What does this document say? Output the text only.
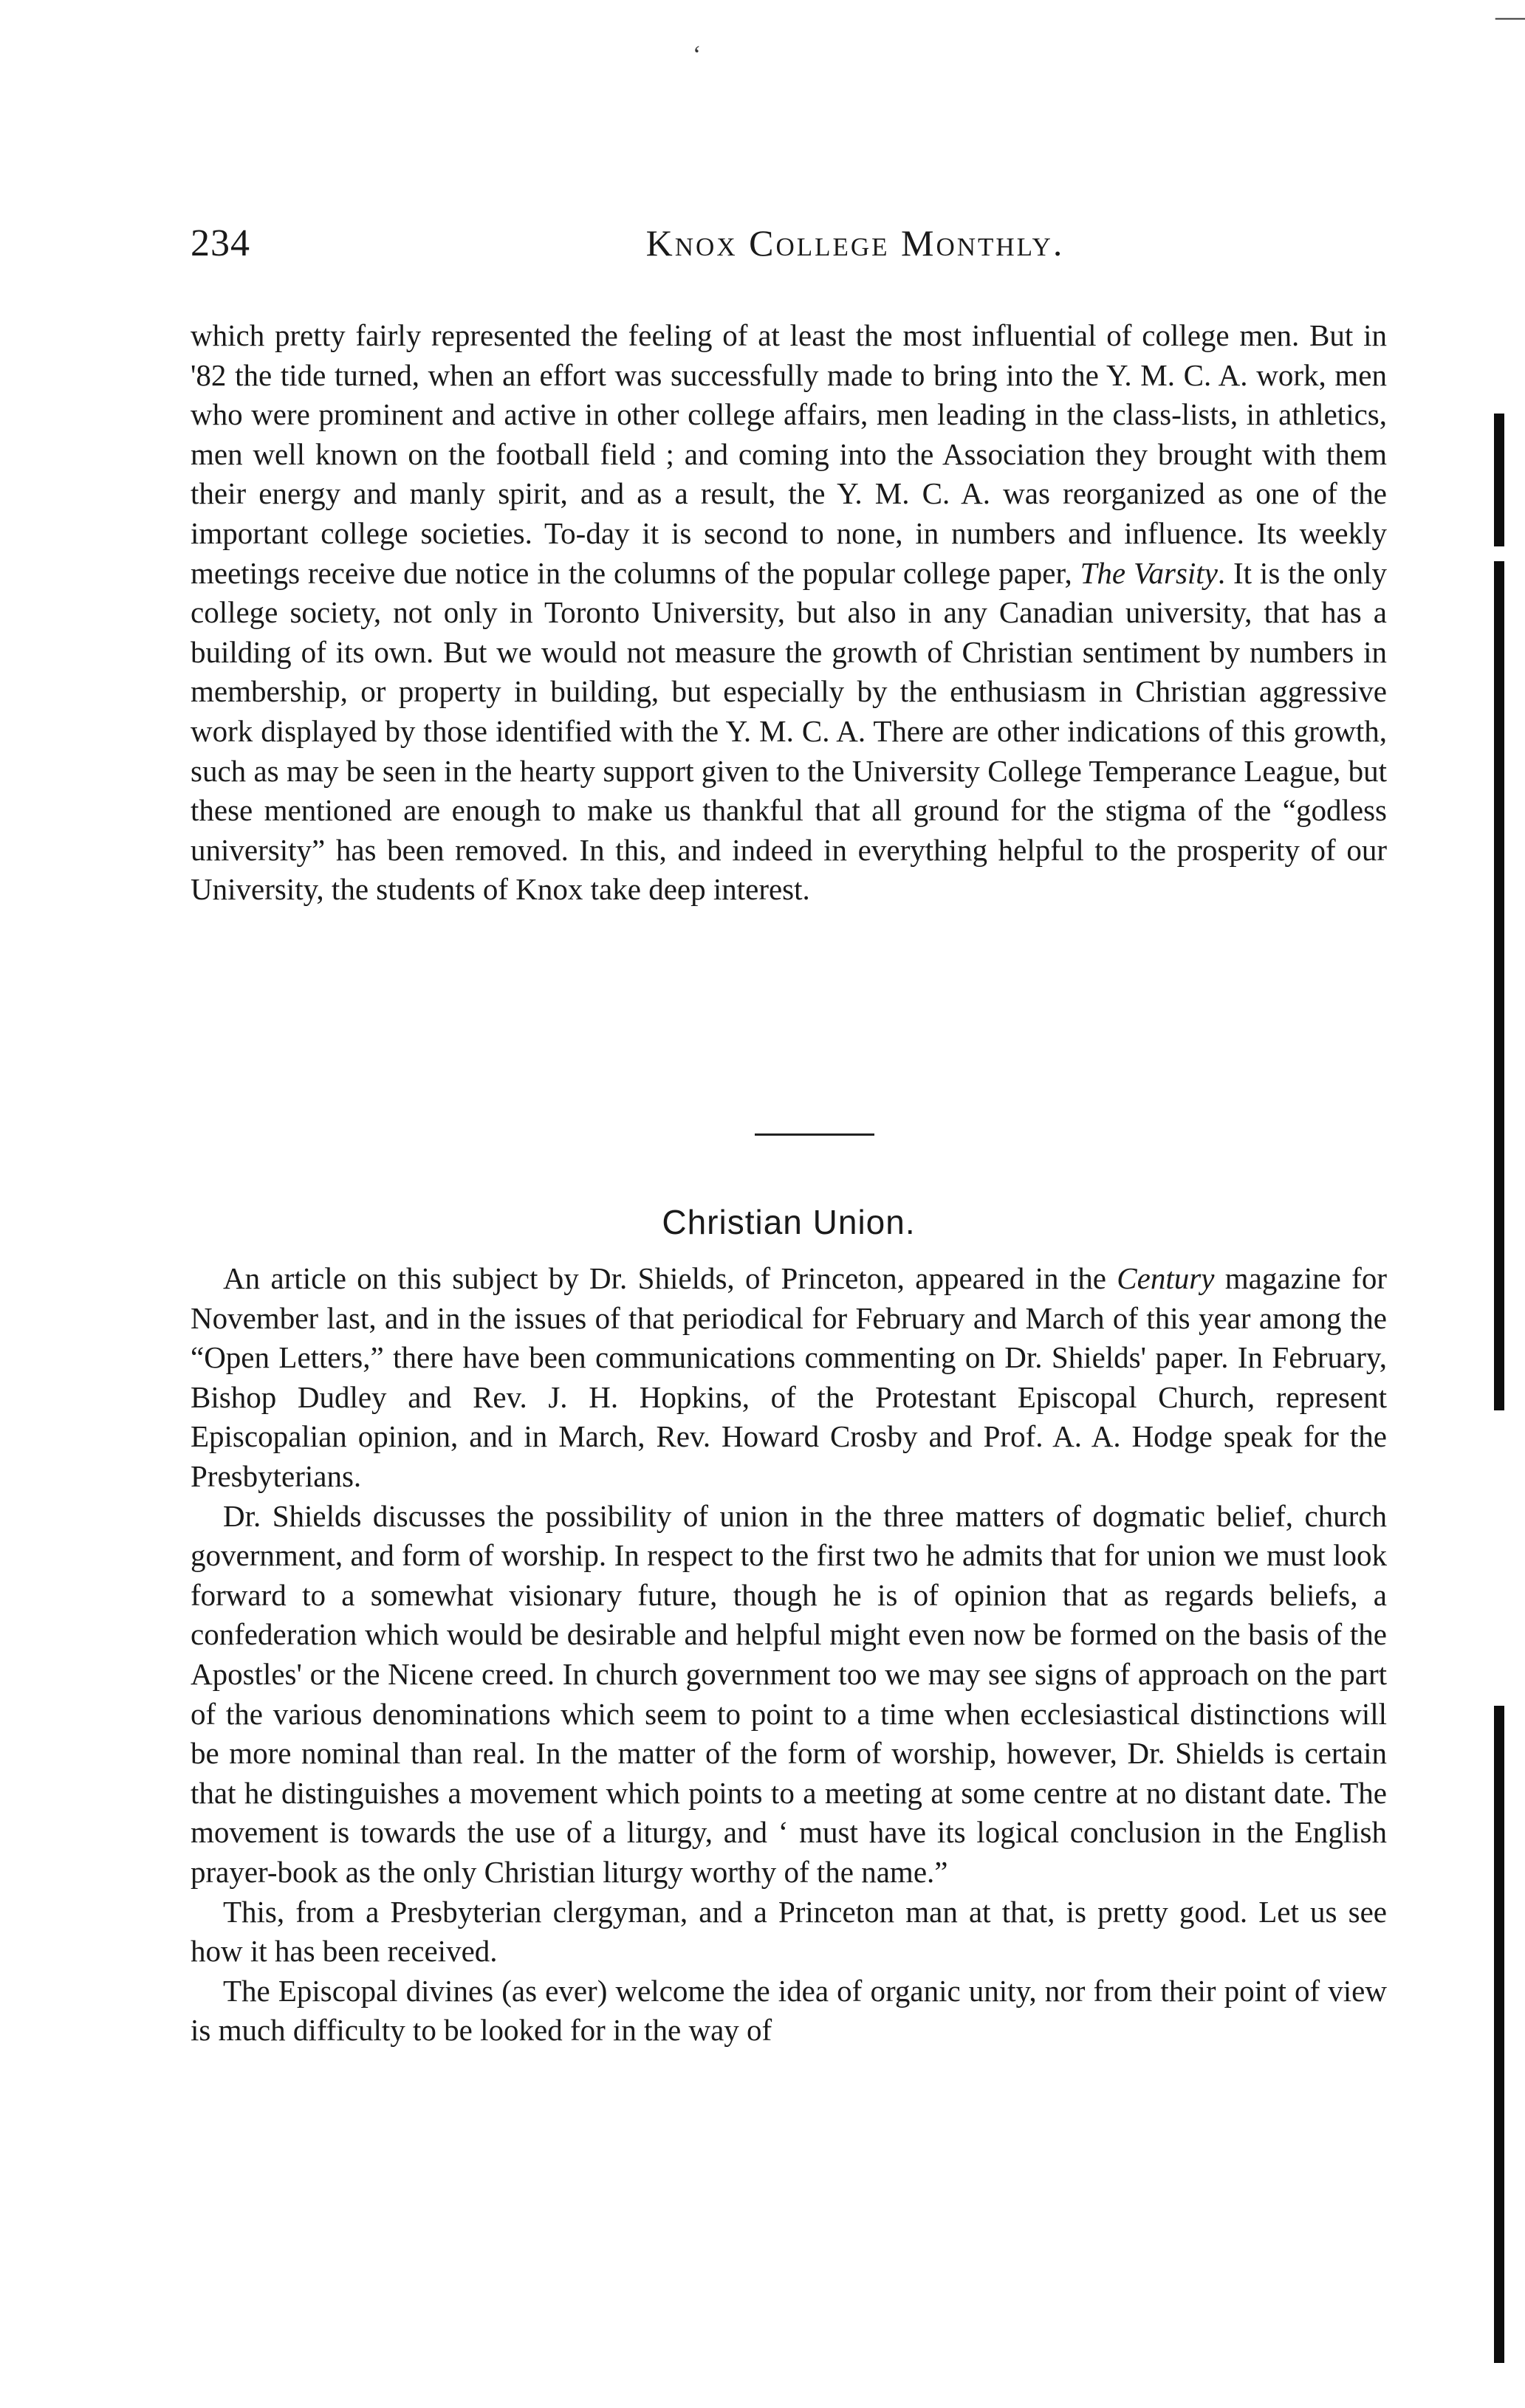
—
‘
234	Knox College Monthly.

which pretty fairly represented the feeling of at least the most influential of college men. But in '82 the tide turned, when an effort was successfully made to bring into the Y. M. C. A. work, men who were prominent and active in other college affairs, men leading in the class-lists, in athletics, men well known on the football field ; and coming into the Association they brought with them their energy and manly spirit, and as a result, the Y. M. C. A. was reorganized as one of the important college societies. To-day it is second to none, in numbers and influence. Its weekly meetings receive due notice in the columns of the popular college paper, The Varsity. It is the only college society, not only in Toronto University, but also in any Canadian university, that has a building of its own. But we would not measure the growth of Christian sentiment by numbers in membership, or property in building, but especially by the enthusiasm in Christian aggressive work displayed by those identified with the Y. M. C. A. There are other indications of this growth, such as may be seen in the hearty support given to the University College Temperance League, but these mentioned are enough to make us thankful that all ground for the stigma of the “godless university” has been removed. In this, and indeed in everything helpful to the prosperity of our University, the students of Knox take deep interest.

Christian Union.

An article on this subject by Dr. Shields, of Princeton, appeared in the Century magazine for November last, and in the issues of that periodical for February and March of this year among the “Open Letters,” there have been communications commenting on Dr. Shields' paper. In February, Bishop Dudley and Rev. J. H. Hopkins, of the Protestant Episcopal Church, represent Episcopalian opinion, and in March, Rev. Howard Crosby and Prof. A. A. Hodge speak for the Presbyterians.

Dr. Shields discusses the possibility of union in the three matters of dogmatic belief, church government, and form of worship. In respect to the first two he admits that for union we must look forward to a somewhat visionary future, though he is of opinion that as regards beliefs, a confederation which would be desirable and helpful might even now be formed on the basis of the Apostles' or the Nicene creed. In church government too we may see signs of approach on the part of the various denominations which seem to point to a time when ecclesiastical distinctions will be more nominal than real. In the matter of the form of worship, however, Dr. Shields is certain that he distinguishes a movement which points to a meeting at some centre at no distant date. The movement is towards the use of a liturgy, and ‘ must have its logical conclusion in the English prayer-book as the only Christian liturgy worthy of the name.”

This, from a Presbyterian clergyman, and a Princeton man at that, is pretty good. Let us see how it has been received.

The Episcopal divines (as ever) welcome the idea of organic unity, nor from their point of view is much difficulty to be looked for in the way of
